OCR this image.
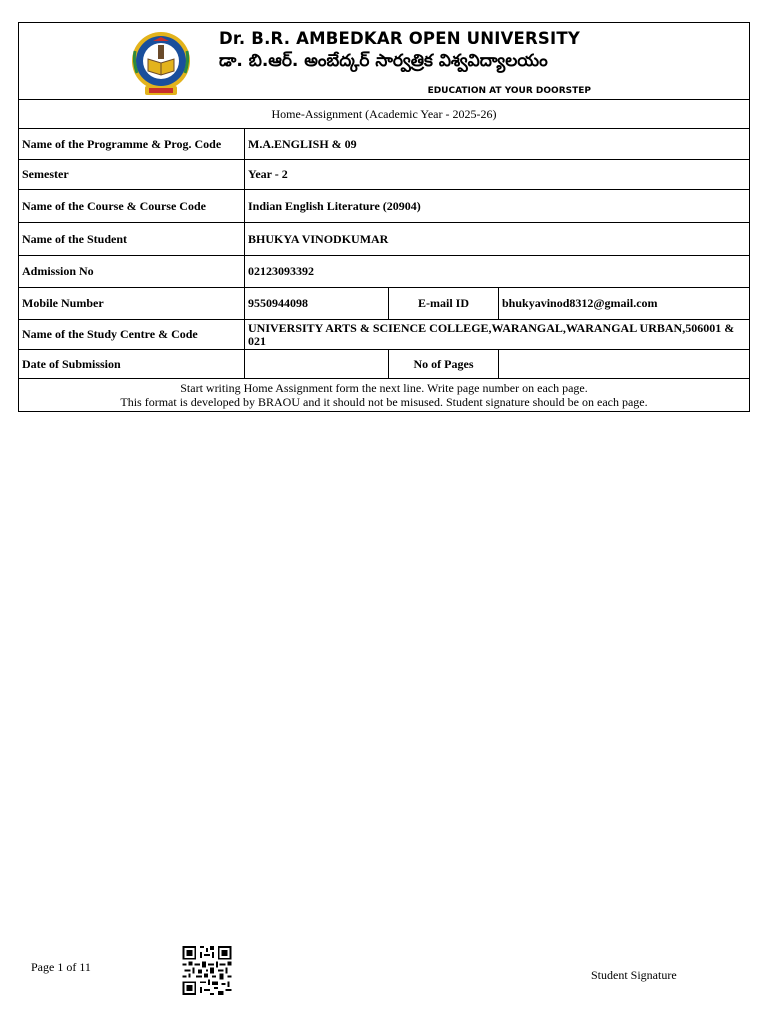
Dr. B.R. AMBEDKAR OPEN UNIVERSITY
డా. బి.ఆర్. అంబేద్కర్ సార్వత్రిక విశ్వవిద్యాలయం
EDUCATION AT YOUR DOORSTEP			

Home-Assignment (Academic Year - 2025-26)			
Name of the Programme & Prog. Code	M.A.ENGLISH & 09		
Semester	Year - 2		
Name of the Course & Course Code	Indian English Literature (20904)		
Name of the Student	BHUKYA VINODKUMAR		
Admission No	02123093392		
Mobile Number	9550944098	E-mail ID	bhukyavinod8312@gmail.com
Name of the Study Centre & Code	UNIVERSITY ARTS & SCIENCE COLLEGE,WARANGAL,WARANGAL URBAN,506001 & 021		
Date of Submission		No of Pages	

Start writing Home Assignment form the next line. Write page number on each page.
This format is developed by BRAOU and it should not be misused. Student signature should be on each page.			
Page 1 of 11
Student Signature
